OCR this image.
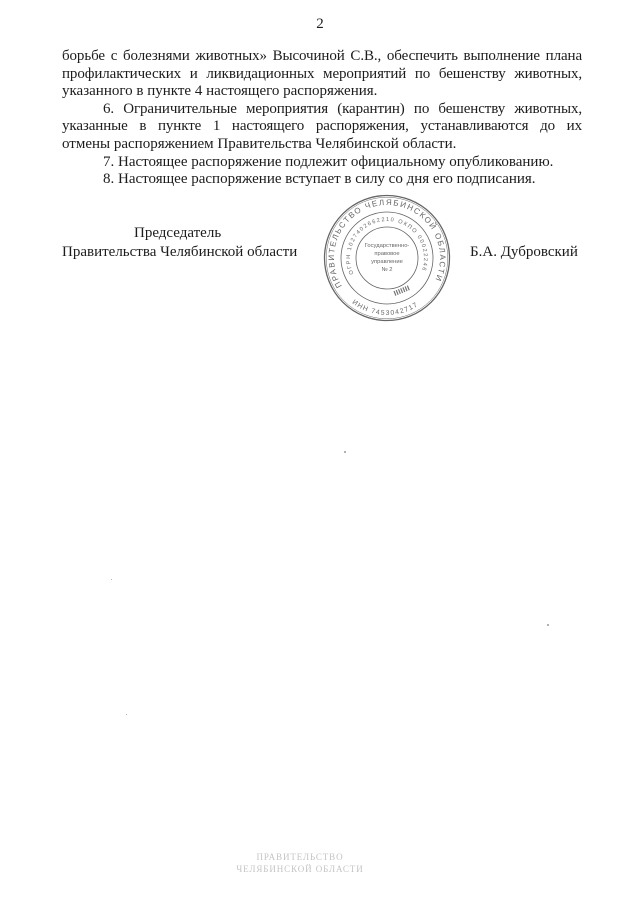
2
борьбе с болезнями животных» Высочиной С.В., обеспечить выполнение плана
профилактических и ликвидационных мероприятий по бешенству животных,
указанного в пункте 4 настоящего распоряжения.
6. Ограничительные мероприятия (карантин) по бешенству животных,
указанные в пункте 1 настоящего распоряжения, устанавливаются до их
отмены распоряжением Правительства Челябинской области.
7. Настоящее распоряжение подлежит официальному опубликованию.
8. Настоящее распоряжение вступает в силу со дня его подписания.
Председатель
Правительства Челябинской области	Б.А. Дубровский
ПРАВИТЕЛЬСТВО ЧЕЛЯБИНСКОЙ ОБЛАСТИ
ИНН 7453042717
ОГРН 1027402662210 ОКПО 00022246
Государственно-
правовое
управление
№ 2
ПРАВИТЕЛЬСТВО
ЧЕЛЯБИНСКОЙ ОБЛАСТИ
